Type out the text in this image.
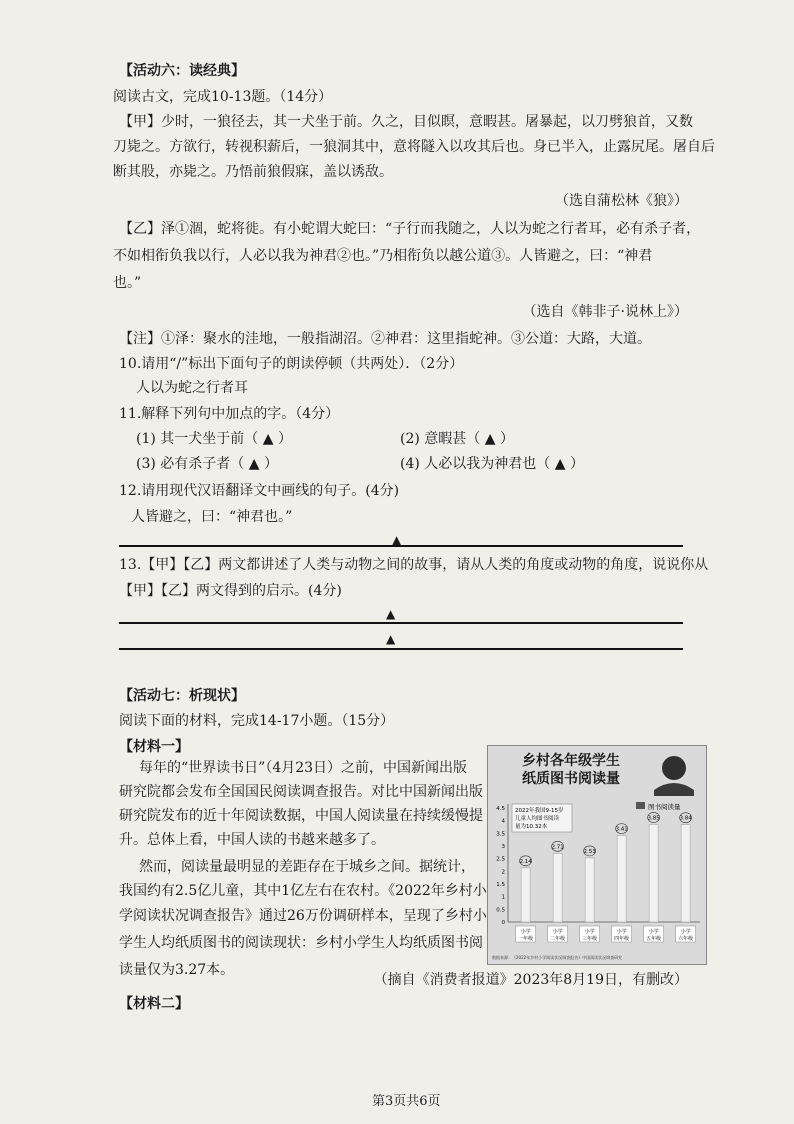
【活动六：读经典】
阅读古文，完成10-13题。（14分）
【甲】少时，一狼径去，其一犬坐于前。久之，目似瞑，意暇甚。屠暴起，以刀劈狼首，又数
刀毙之。方欲行，转视积薪后，一狼洞其中，意将隧入以攻其后也。身已半入，止露尻尾。屠自后
断其股，亦毙之。乃悟前狼假寐，盖以诱敌。
（选自蒲松林《狼》）
【乙】泽①涸，蛇将徙。有小蛇谓大蛇曰：“子行而我随之，人以为蛇之行者耳，必有杀子者，
不如相衔负我以行，人必以我为神君②也。”乃相衔负以越公道③。人皆避之，曰：“神君
也。”
（选自《韩非子·说林上》）
【注】①泽：聚水的洼地，一般指湖沼。②神君：这里指蛇神。③公道：大路，大道。
10.请用“/”标出下面句子的朗读停顿（共两处）．（2分）
人以为蛇之行者耳
11.解释下列句中加点的字。（4分）
(1) 其一犬坐于前（ ▲ ）	(2) 意暇甚（ ▲ ）
(3) 必有杀子者（ ▲ ）	(4) 人必以我为神君也（ ▲ ）
12.请用现代汉语翻译文中画线的句子。(4分)
人皆避之，曰：“神君也。”
▲
13.【甲】【乙】两文都讲述了人类与动物之间的故事，请从人类的角度或动物的角度，说说你从
【甲】【乙】两文得到的启示。(4分)
▲
▲
【活动七：析现状】
阅读下面的材料，完成14-17小题。（15分）
【材料一】
每年的“世界读书日”（4月23日）之前，中国新闻出版
研究院都会发布全国国民阅读调查报告。对比中国新闻出版
研究院发布的近十年阅读数据，中国人阅读量在持续缓慢提
升。总体上看，中国人读的书越来越多了。
然而，阅读量最明显的差距存在于城乡之间。据统计，
我国约有2.5亿儿童，其中1亿左右在农村。《2022年乡村小
学阅读状况调查报告》通过26万份调研样本，呈现了乡村小
学生人均纸质图书的阅读现状：乡村小学生人均纸质图书阅
读量仅为3.27本。
（摘自《消费者报道》2023年8月19日，有删改）
【材料二】
乡村各年级学生
纸质图书阅读量
图书阅读量
2022年我国9-15岁
儿童人均图书阅读
量为10.32本
0
0.5
1
1.5
2
2.5
3
3.5
4
4.5
2.14
小学
一年级
2.71
小学
二年级
2.53
小学
三年级
3.41
小学
四年级
3.85
小学
五年级
3.84
小学
六年级
数据来源：《2022年乡村小学阅读状况调查报告》中国阅读状况调查研究
第3页共6页
